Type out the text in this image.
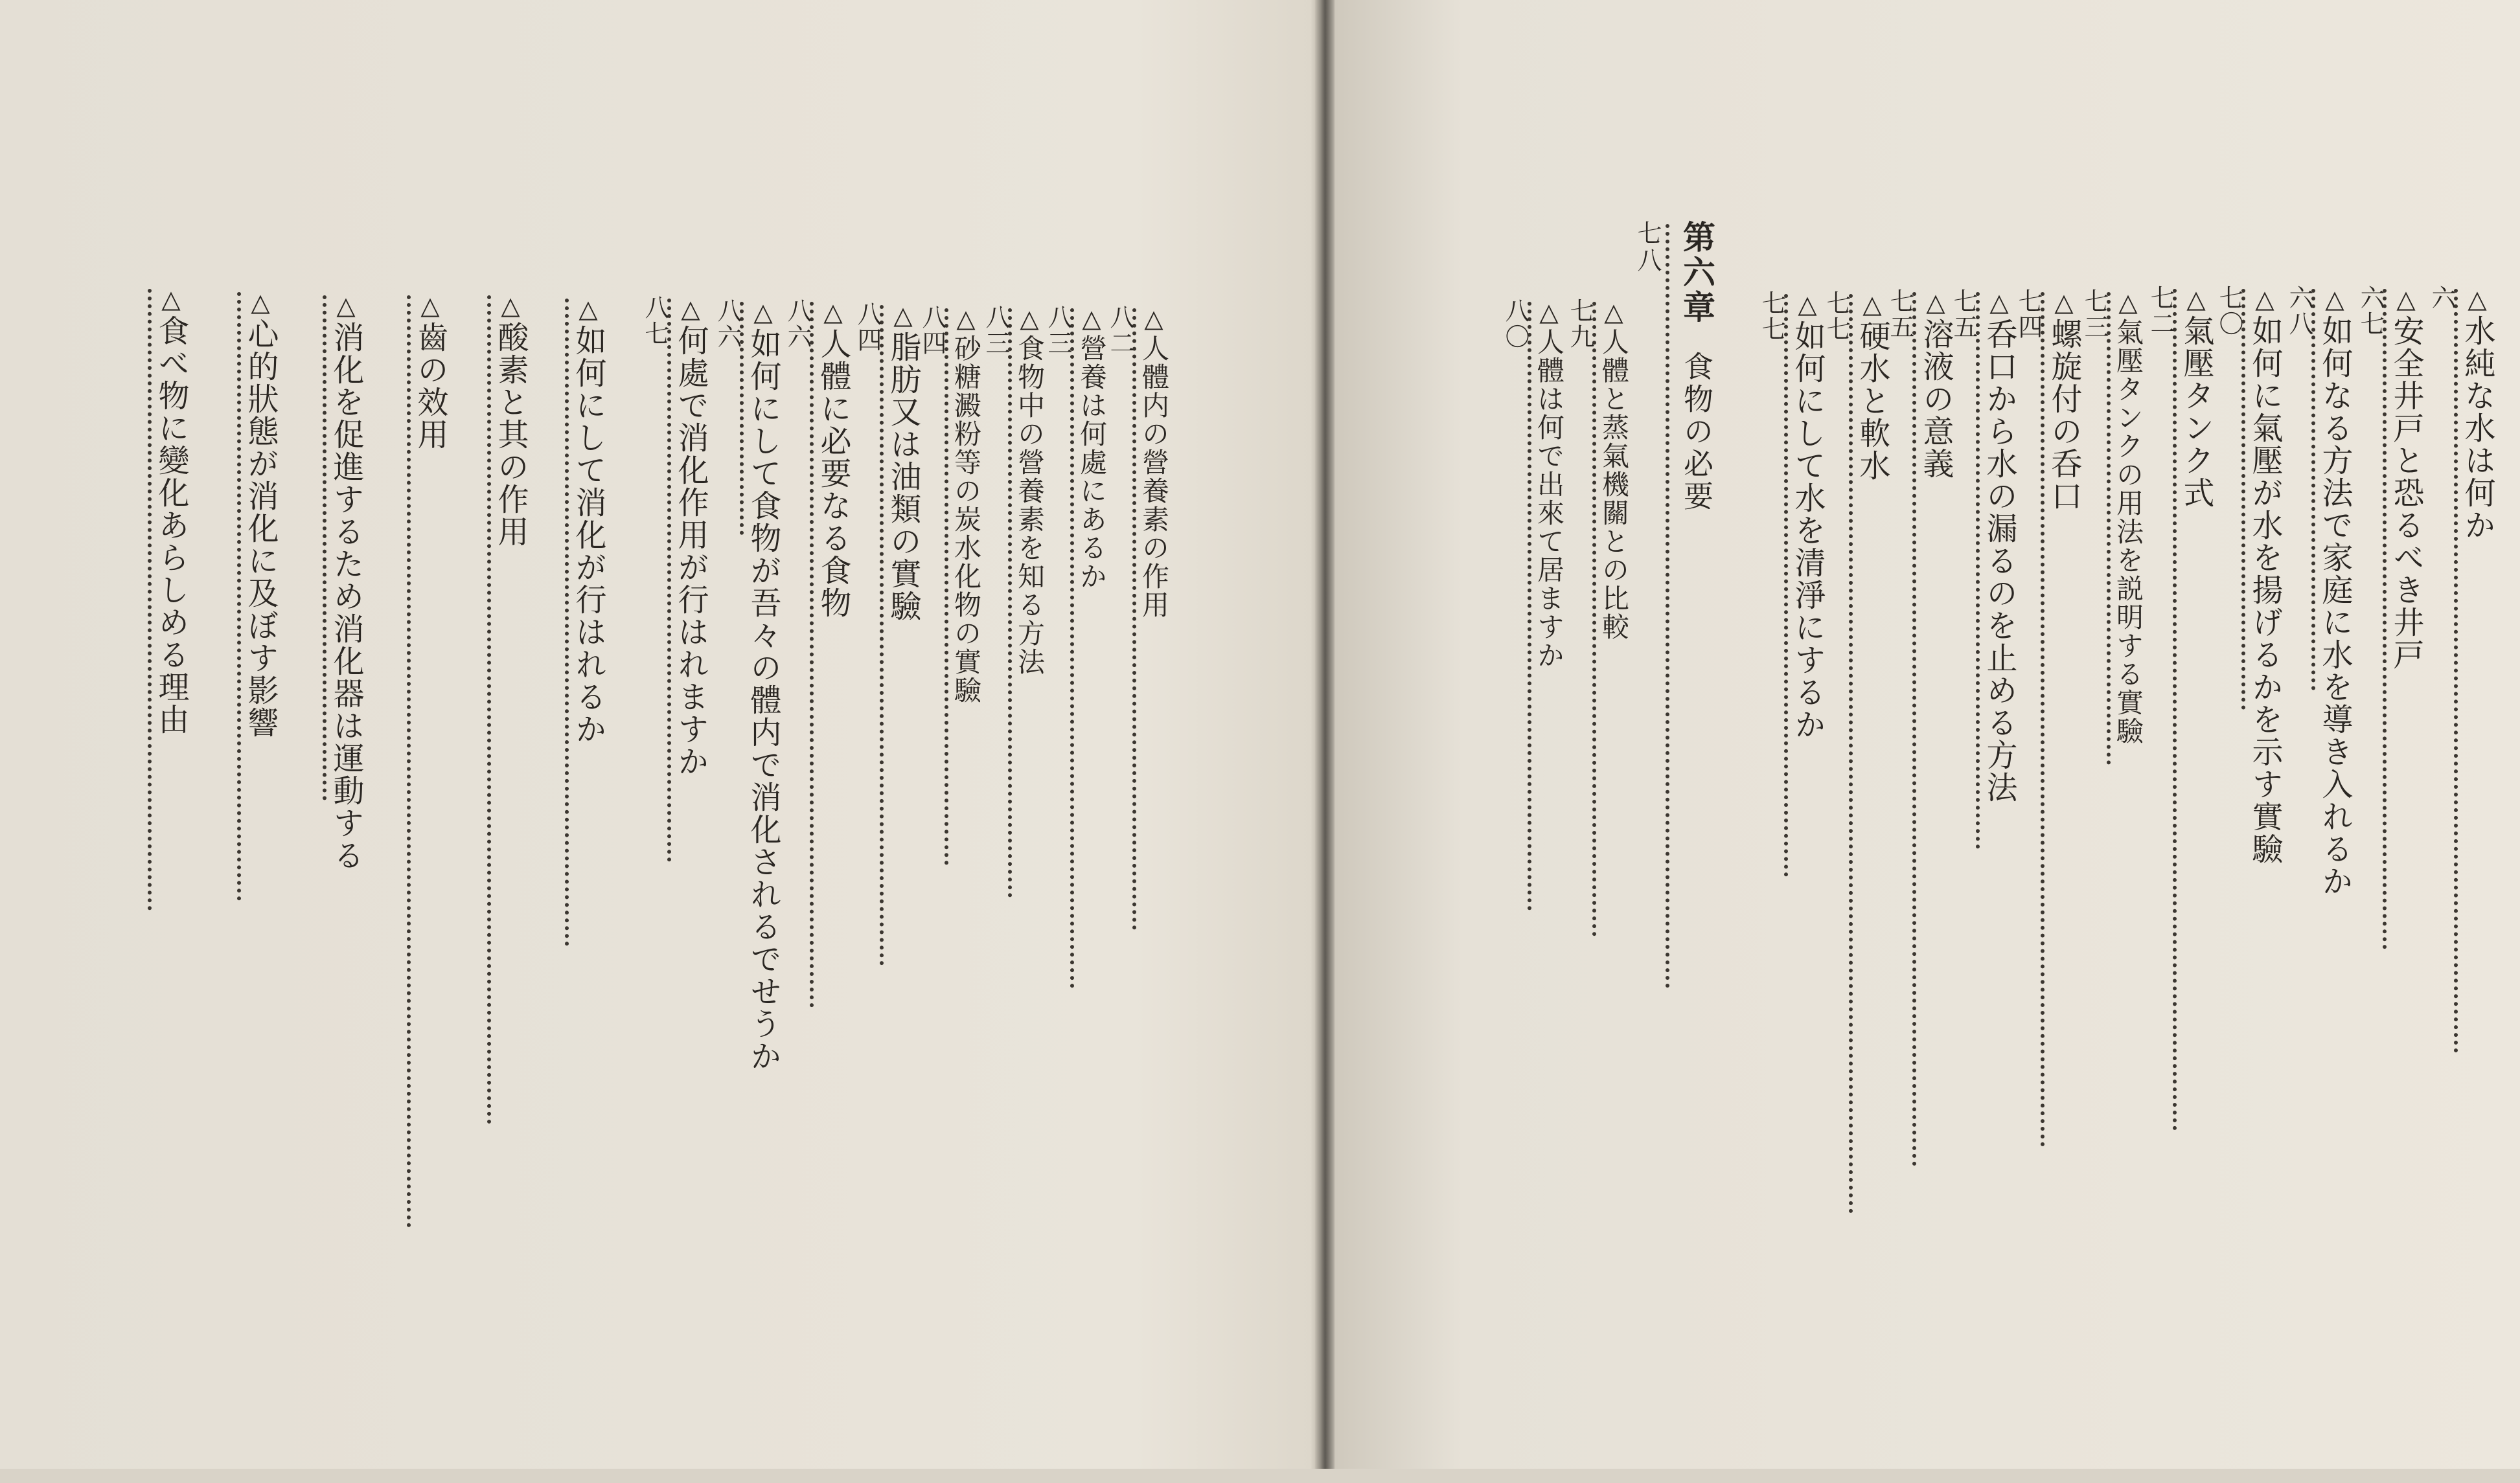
△人體内の營養素の作用
八二
△營養は何處にあるか
八三
△食物中の營養素を知る方法
八三
△砂糖澱粉等の炭水化物の實驗
八四
△脂肪又は油類の實驗
八四
△人體に必要なる食物
八六
△如何にして食物が吾々の體内で消化されるでせうか
八六
△何處で消化作用が行はれますか
八七
△如何にして消化が行はれるか
△酸素と其の作用
△齒の效用
△消化を促進するため消化器は運動する
△心的狀態が消化に及ぼす影響
△食べ物に變化あらしめる理由
△水純な水は何か
六
△安全井戸と恐るべき井戸
六七
△如何なる方法で家庭に水を導き入れるか
六八
△如何に氣壓が水を揚げるかを示す實驗
七〇
△氣壓タンク式
七二
△氣壓タンクの用法を説明する實驗
七三
△螺旋付の呑口
七四
△呑口から水の漏るのを止める方法
七五
△溶液の意義
七五
△硬水と軟水
七七
△如何にして水を清淨にするか
七七
第六章食物の必要
七八
△人體と蒸氣機關との比較
七九
△人體は何で出來て居ますか
八〇
